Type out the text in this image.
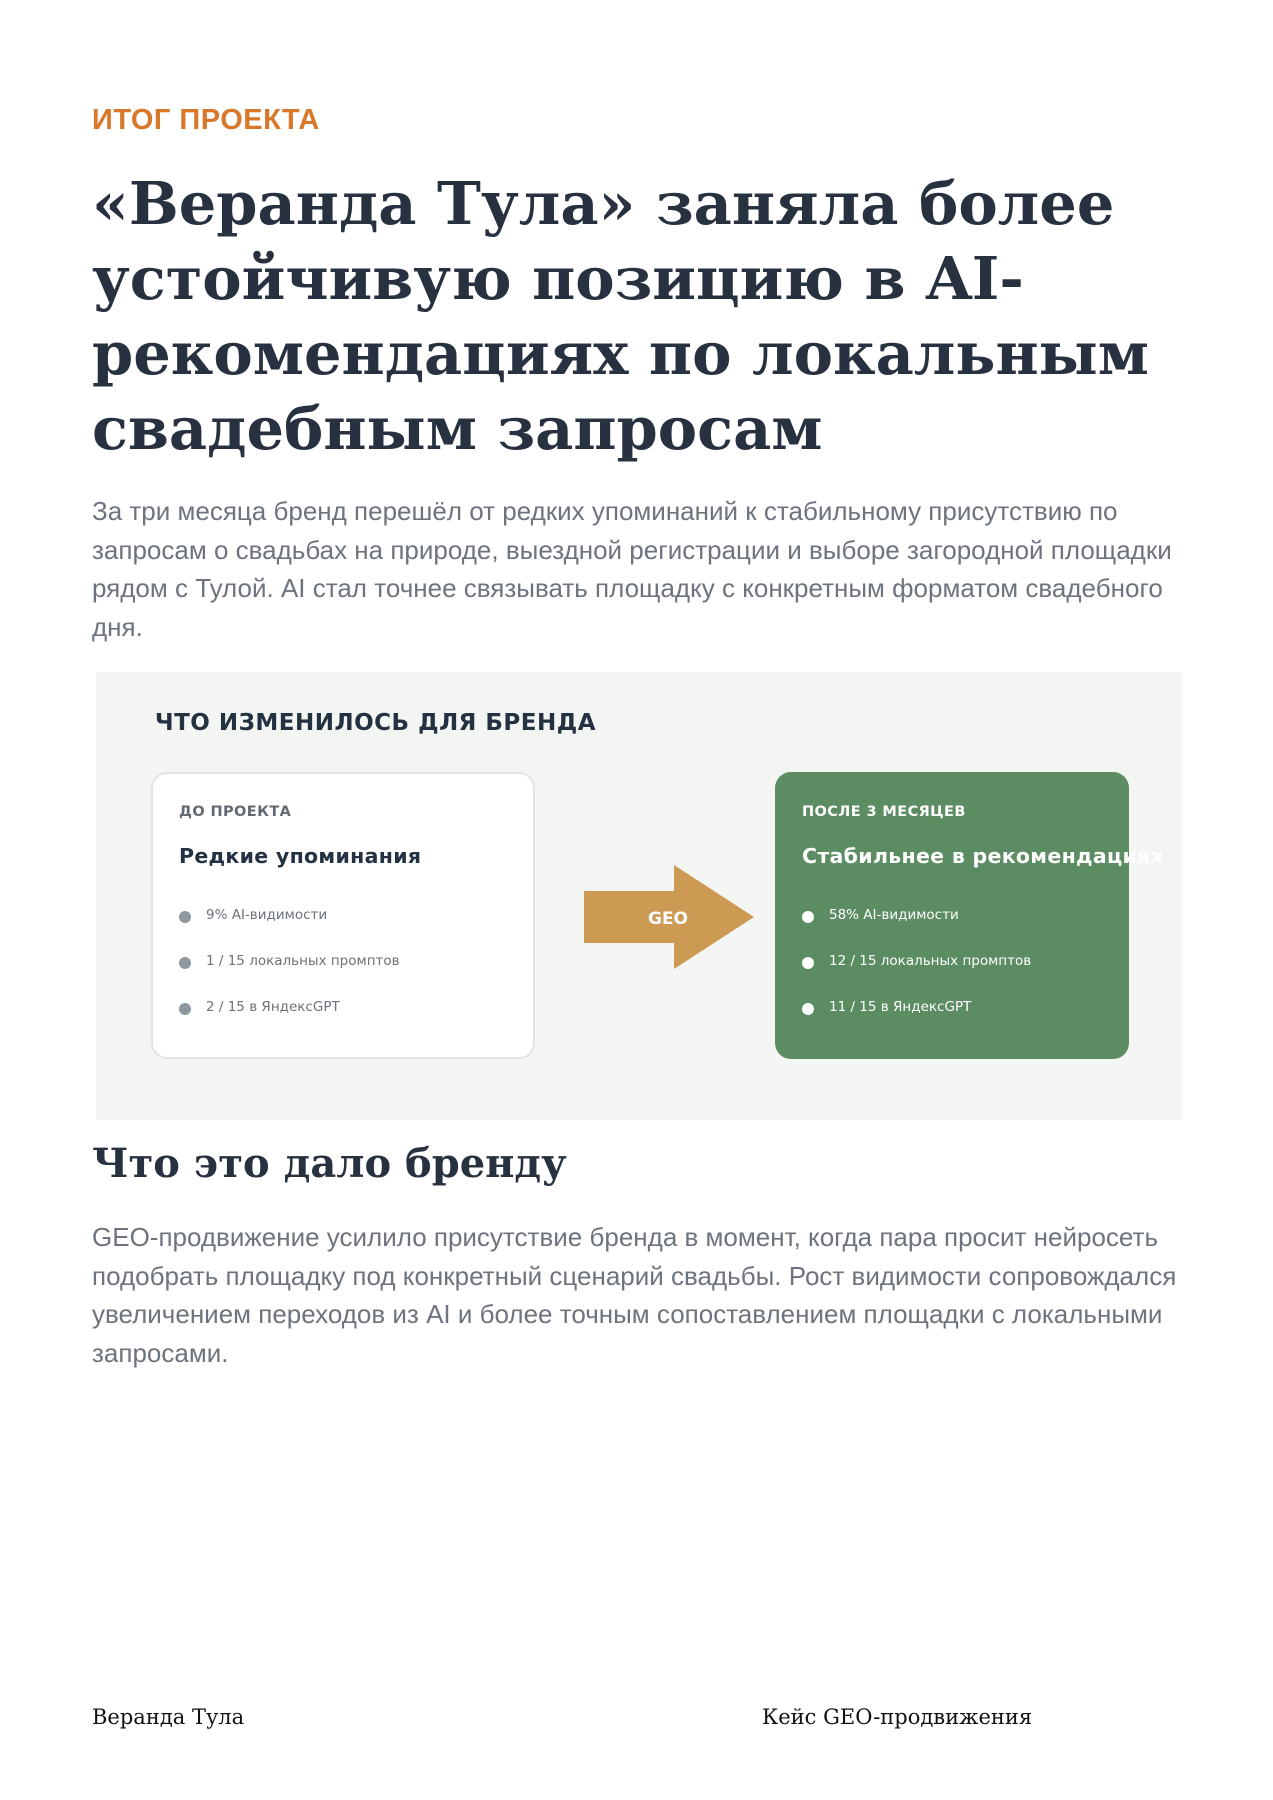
ИТОГ ПРОЕКТА
«Веранда Тула» заняла более устойчивую позицию в AI-рекомендациях по локальным свадебным запросам

За три месяца бренд перешёл от редких упоминаний к стабильному присутствию по запросам о свадьбах на природе, выездной регистрации и выборе загородной площадки рядом с Тулой. AI стал точнее связывать площадку с конкретным форматом свадебного дня.

ЧТО ИЗМЕНИЛОСЬ ДЛЯ БРЕНДА
ДО ПРОЕКТА
Редкие упоминания
9% AI-видимости
1 / 15 локальных промптов
2 / 15 в ЯндексGPT
GEO
ПОСЛЕ 3 МЕСЯЦЕВ
Стабильнее в рекомендациях
58% AI-видимости
12 / 15 локальных промптов
11 / 15 в ЯндексGPT
Что это дало бренду

GEO-продвижение усилило присутствие бренда в момент, когда пара просит нейросеть подобрать площадку под конкретный сценарий свадьбы. Рост видимости сопровождался увеличением переходов из AI и более точным сопоставлением площадки с локальными запросами.

Веранда Тула	Кейс GEO-продвижения
